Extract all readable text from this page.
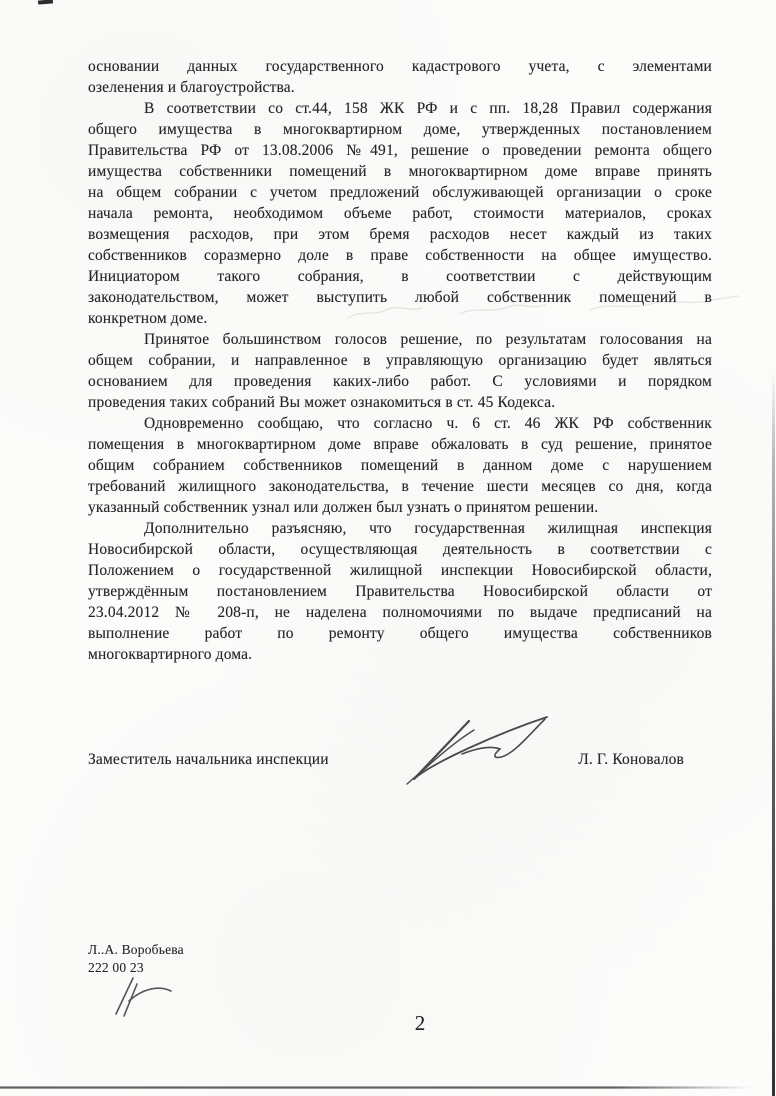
основании данных государственного кадастрового учета, с элементами
озеленения и благоустройства.
В соответствии со ст.44, 158 ЖК РФ и с пп. 18,28 Правил содержания
общего имущества в многоквартирном доме, утвержденных постановлением
Правительства РФ от 13.08.2006 №491, решение о проведении ремонта общего
имущества собственники помещений в многоквартирном доме вправе принять
на общем собрании с учетом предложений обслуживающей организации о сроке
начала ремонта, необходимом объеме работ, стоимости материалов, сроках
возмещения расходов, при этом бремя расходов несет каждый из таких
собственников соразмерно доле в праве собственности на общее имущество.
Инициатором такого собрания, в соответствии с действующим
законодательством, может выступить любой собственник помещений в
конкретном доме.
Принятое большинством голосов решение, по результатам голосования на
общем собрании, и направленное в управляющую организацию будет являться
основанием для проведения каких-либо работ. С условиями и порядком
проведения таких собраний Вы может ознакомиться в ст. 45 Кодекса.
Одновременно сообщаю, что согласно ч. 6 ст. 46 ЖК РФ собственник
помещения в многоквартирном доме вправе обжаловать в суд решение, принятое
общим собранием собственников помещений в данном доме с нарушением
требований жилищного законодательства, в течение шести месяцев со дня, когда
указанный собственник узнал или должен был узнать о принятом решении.
Дополнительно разъясняю, что государственная жилищная инспекция
Новосибирской области, осуществляющая деятельность в соответствии с
Положением о государственной жилищной инспекции Новосибирской области,
утверждённым постановлением Правительства Новосибирской области от
23.04.2012 № 208-п, не наделена полномочиями по выдаче предписаний на
выполнение работ по ремонту общего имущества собственников
многоквартирного дома.
Заместитель начальника инспекции	Л. Г. Коновалов
Л..А. Воробьева
222 00 23
2
